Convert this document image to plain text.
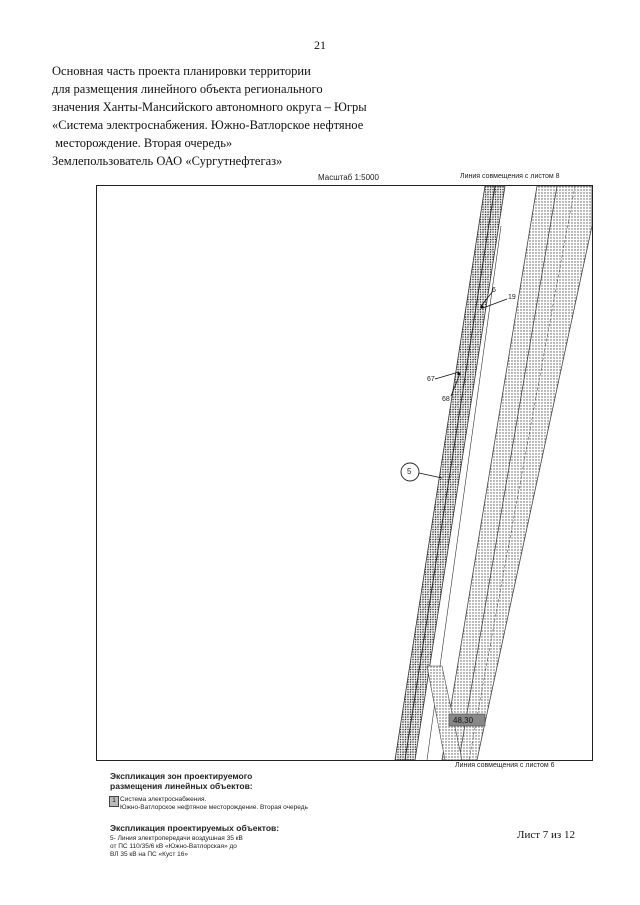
21
Основная часть проекта планировки территории
для размещения линейного объекта регионального
значения Ханты-Мансийского автономного округа – Югры
«Система электроснабжения. Южно-Ватлорское нефтяное
месторождение. Вторая очередь»
Землепользователь ОАО «Сургутнефтегаз»
Масштаб 1:5000	Линия совмещения с листом 8
6
19
67
68
5
48,30
Линия совмещения с листом 6
Экспликация зон проектируемого
размещения линейных объектов:
1 Система электроснабжения.
Южно-Ватлорское нефтяное месторождение. Вторая очередь
Экспликация проектируемых объектов:
5- Линия электропередачи воздушная 35 кВ
от ПС 110/35/6 кВ «Южно-Ватлорская» до
ВЛ 35 кВ на ПС «Куст 16»
Лист 7 из 12
